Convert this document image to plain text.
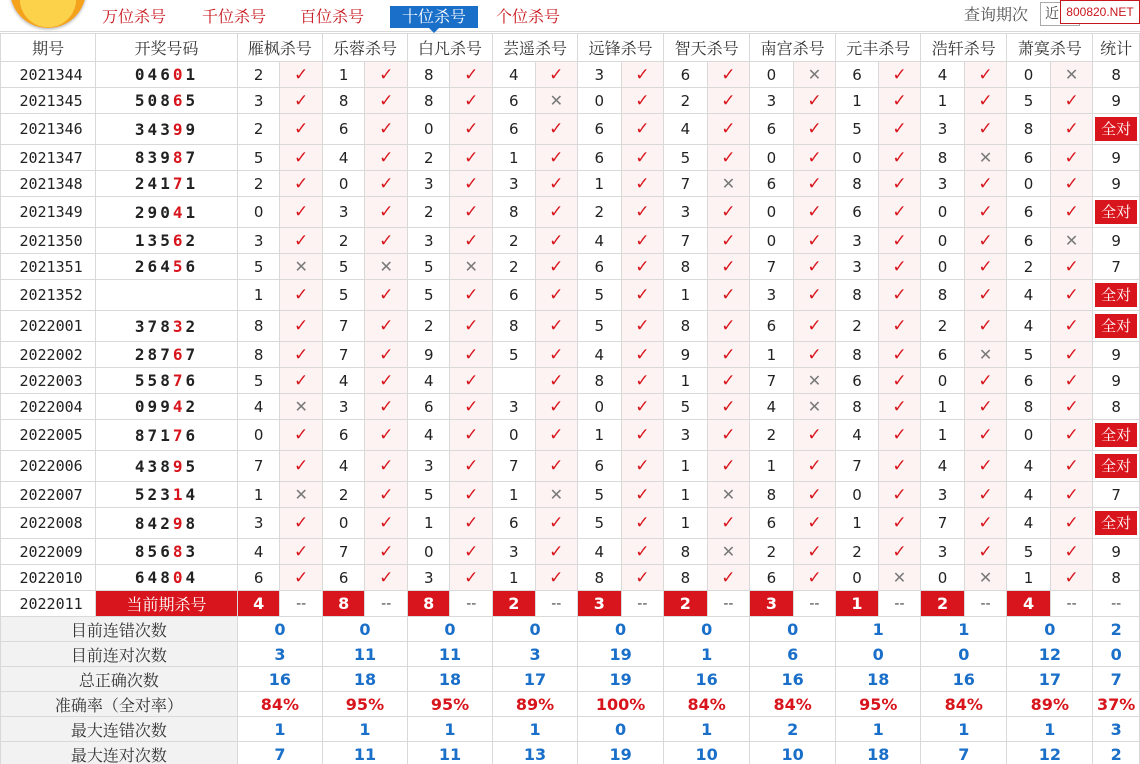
万位杀号 千位杀号 百位杀号	十位杀号	个位杀号	查询期次	近 800820.NET
期号	开奖号码	雁枫杀号		乐蓉杀号		白凡杀号		芸遥杀号		远锋杀号		智天杀号		南宫杀号		元丰杀号		浩轩杀号		萧寞杀号		统计
2021344	04601	2	✓	1	✓	8	✓	4	✓	3	✓	6	✓	0	✕	6	✓	4	✓	0	✕	8
2021345	50865	3	✓	8	✓	8	✓	6	✕	0	✓	2	✓	3	✓	1	✓	1	✓	5	✓	9
2021346	34399	2	✓	6	✓	0	✓	6	✓	6	✓	4	✓	6	✓	5	✓	3	✓	8	✓	全对
2021347	83987	5	✓	4	✓	2	✓	1	✓	6	✓	5	✓	0	✓	0	✓	8	✕	6	✓	9
2021348	24171	2	✓	0	✓	3	✓	3	✓	1	✓	7	✕	6	✓	8	✓	3	✓	0	✓	9
2021349	29041	0	✓	3	✓	2	✓	8	✓	2	✓	3	✓	0	✓	6	✓	0	✓	6	✓	全对
2021350	13562	3	✓	2	✓	3	✓	2	✓	4	✓	7	✓	0	✓	3	✓	0	✓	6	✕	9
2021351	26456	5	✕	5	✕	5	✕	2	✓	6	✓	8	✓	7	✓	3	✓	0	✓	2	✓	7
2021352		1	✓	5	✓	5	✓	6	✓	5	✓	1	✓	3	✓	8	✓	8	✓	4	✓	全对
2022001	37832	8	✓	7	✓	2	✓	8	✓	5	✓	8	✓	6	✓	2	✓	2	✓	4	✓	全对
2022002	28767	8	✓	7	✓	9	✓	5	✓	4	✓	9	✓	1	✓	8	✓	6	✕	5	✓	9
2022003	55876	5	✓	4	✓	4	✓		✓	8	✓	1	✓	7	✕	6	✓	0	✓	6	✓	9
2022004	09942	4	✕	3	✓	6	✓	3	✓	0	✓	5	✓	4	✕	8	✓	1	✓	8	✓	8
2022005	87176	0	✓	6	✓	4	✓	0	✓	1	✓	3	✓	2	✓	4	✓	1	✓	0	✓	全对
2022006	43895	7	✓	4	✓	3	✓	7	✓	6	✓	1	✓	1	✓	7	✓	4	✓	4	✓	全对
2022007	52314	1	✕	2	✓	5	✓	1	✕	5	✓	1	✕	8	✓	0	✓	3	✓	4	✓	7
2022008	84298	3	✓	0	✓	1	✓	6	✓	5	✓	1	✓	6	✓	1	✓	7	✓	4	✓	全对
2022009	85683	4	✓	7	✓	0	✓	3	✓	4	✓	8	✕	2	✓	2	✓	3	✓	5	✓	9
2022010	64804	6	✓	6	✓	3	✓	1	✓	8	✓	8	✓	6	✓	0	✕	0	✕	1	✓	8
2022011	当前期杀号	4	--	8	--	8	--	2	--	3	--	2	--	3	--	1	--	2	--	4	--	--
目前连错次数		0		0		0		0		0		0		0		1		1		0		2
目前连对次数		3		11		11		3		19		1		6		0		0		12		0
总正确次数		16		18		18		17		19		16		16		18		16		17		7
准确率（全对率）		84%		95%		95%		89%		100%		84%		84%		95%		84%		89%		37%
最大连错次数		1		1		1		1		0		1		2		1		1		1		3
最大连对次数		7		11		11		13		19		10		10		18		7		12		2
